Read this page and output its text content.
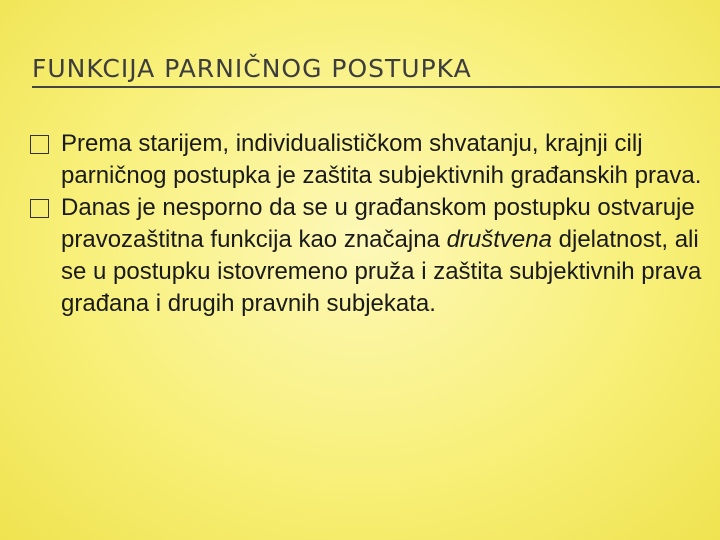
FUNKCIJA PARNIČNOG POSTUPKA
Prema starijem, individualističkom shvatanju, krajnji cilj parničnog postupka je zaštita subjektivnih građanskih prava.
Danas je nesporno da se u građanskom postupku ostvaruje pravozaštitna funkcija kao značajna društvena djelatnost, ali se u postupku istovremeno pruža i zaštita subjektivnih prava građana i drugih pravnih subjekata.
